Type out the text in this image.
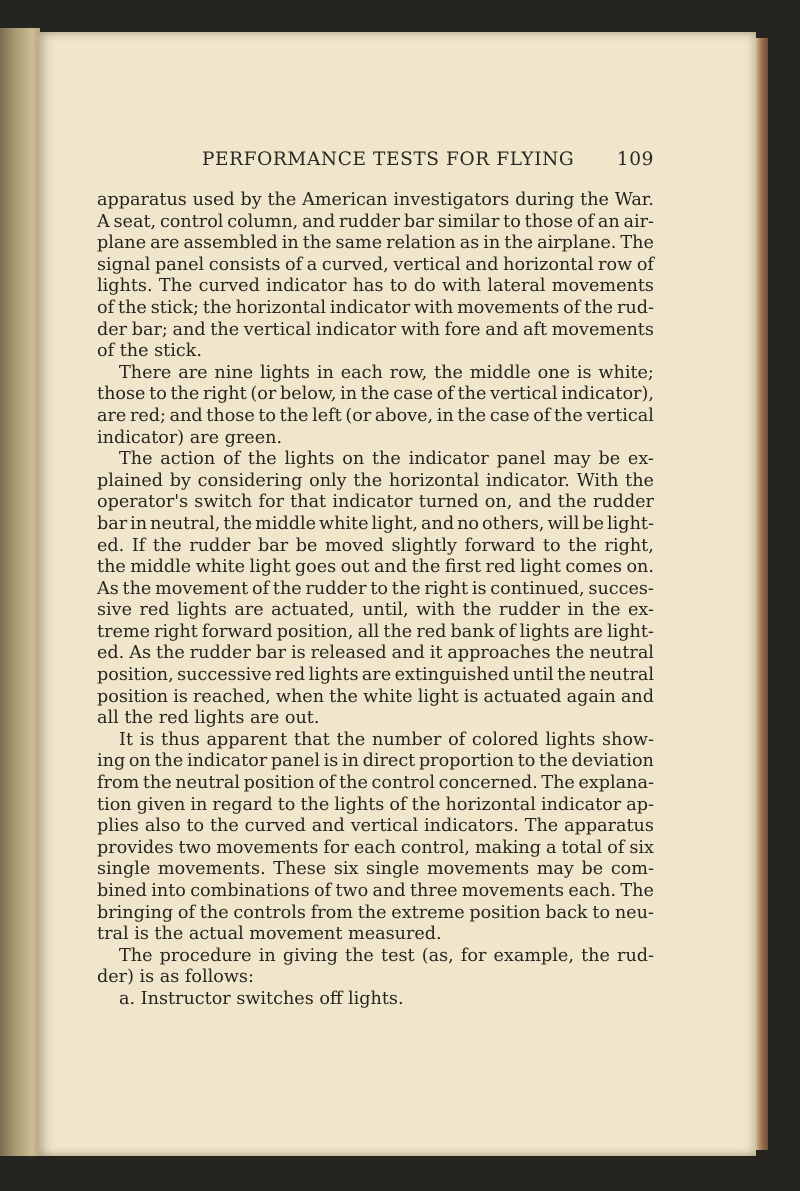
PERFORMANCE TESTS FOR FLYING 109
apparatus used by the American investigators during the War.
A seat, control column, and rudder bar similar to those of an air-
plane are assembled in the same relation as in the airplane. The
signal panel consists of a curved, vertical and horizontal row of
lights. The curved indicator has to do with lateral movements
of the stick; the horizontal indicator with movements of the rud-
der bar; and the vertical indicator with fore and aft movements
of the stick.
There are nine lights in each row, the middle one is white;
those to the right (or below, in the case of the vertical indicator),
are red; and those to the left (or above, in the case of the vertical
indicator) are green.
The action of the lights on the indicator panel may be ex-
plained by considering only the horizontal indicator. With the
operator's switch for that indicator turned on, and the rudder
bar in neutral, the middle white light, and no others, will be light-
ed. If the rudder bar be moved slightly forward to the right,
the middle white light goes out and the first red light comes on.
As the movement of the rudder to the right is continued, succes-
sive red lights are actuated, until, with the rudder in the ex-
treme right forward position, all the red bank of lights are light-
ed. As the rudder bar is released and it approaches the neutral
position, successive red lights are extinguished until the neutral
position is reached, when the white light is actuated again and
all the red lights are out.
It is thus apparent that the number of colored lights show-
ing on the indicator panel is in direct proportion to the deviation
from the neutral position of the control concerned. The explana-
tion given in regard to the lights of the horizontal indicator ap-
plies also to the curved and vertical indicators. The apparatus
provides two movements for each control, making a total of six
single movements. These six single movements may be com-
bined into combinations of two and three movements each. The
bringing of the controls from the extreme position back to neu-
tral is the actual movement measured.
The procedure in giving the test (as, for example, the rud-
der) is as follows:
a. Instructor switches off lights.
